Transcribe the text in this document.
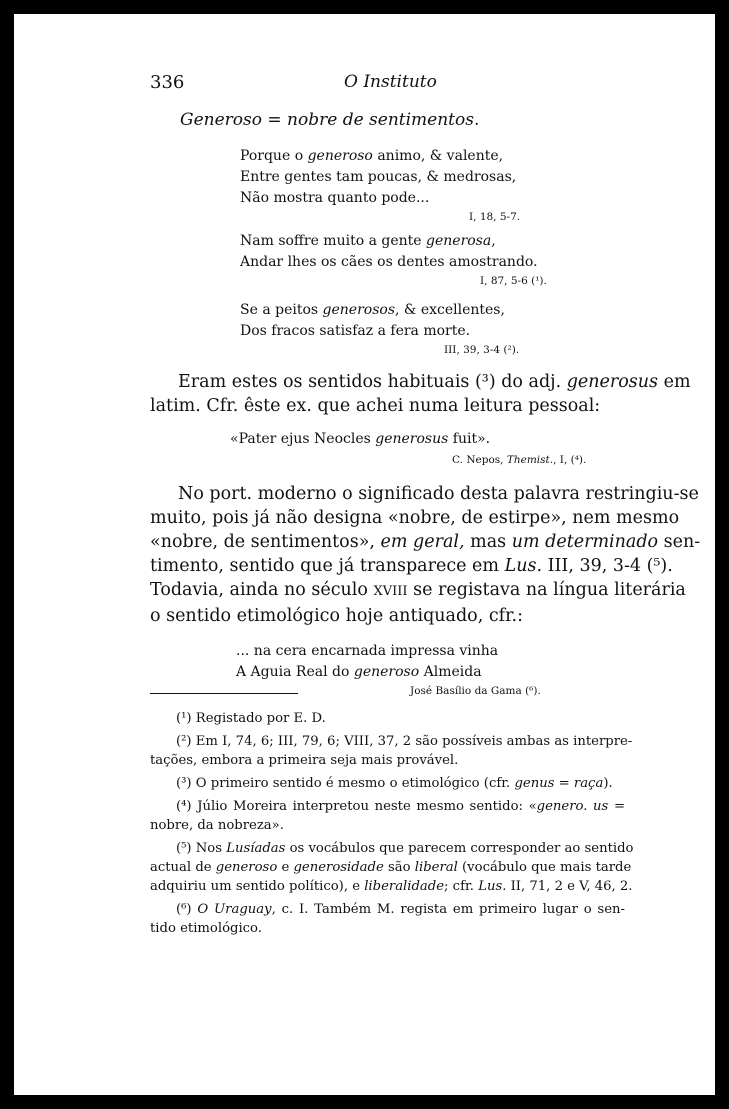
336	O Instituto
Generoso = nobre de sentimentos.
Porque o generoso animo, & valente,
Entre gentes tam poucas, & medrosas,
Não mostra quanto pode...
I, 18, 5-7.
Nam soffre muito a gente generosa,
Andar lhes os cães os dentes amostrando.
I, 87, 5-6 (¹).
Se a peitos generosos, & excellentes,
Dos fracos satisfaz a fera morte.
III, 39, 3-4 (²).
Eram estes os sentidos habituais (³) do adj. generosus em
latim. Cfr. êste ex. que achei numa leitura pessoal:
«Pater ejus Neocles generosus fuit».
C. Nepos, Themist., I, (⁴).
No port. moderno o significado desta palavra restringiu-se
muito, pois já não designa «nobre, de estirpe», nem mesmo
«nobre, de sentimentos», em geral, mas um determinado sen-
timento, sentido que já transparece em Lus. III, 39, 3-4 (⁵).
Todavia, ainda no século XVIII se registava na língua literária
o sentido etimológico hoje antiquado, cfr.:
... na cera encarnada impressa vinha
A Aguia Real do generoso Almeida
José Basílio da Gama (⁶).
(¹) Registado por E. D.
(²) Em I, 74, 6; III, 79, 6; VIII, 37, 2 são possíveis ambas as interpre-
tações, embora a primeira seja mais provável.
(³) O primeiro sentido é mesmo o etimológico (cfr. genus = raça).
(⁴) Júlio Moreira interpretou neste mesmo sentido: «genero. us =
nobre, da nobreza».
(⁵) Nos Lusíadas os vocábulos que parecem corresponder ao sentido
actual de generoso e generosidade são liberal (vocábulo que mais tarde
adquiriu um sentido político), e liberalidade; cfr. Lus. II, 71, 2 e V, 46, 2.
(⁶) O Uraguay, c. I. Também M. regista em primeiro lugar o sen-
tido etimológico.
